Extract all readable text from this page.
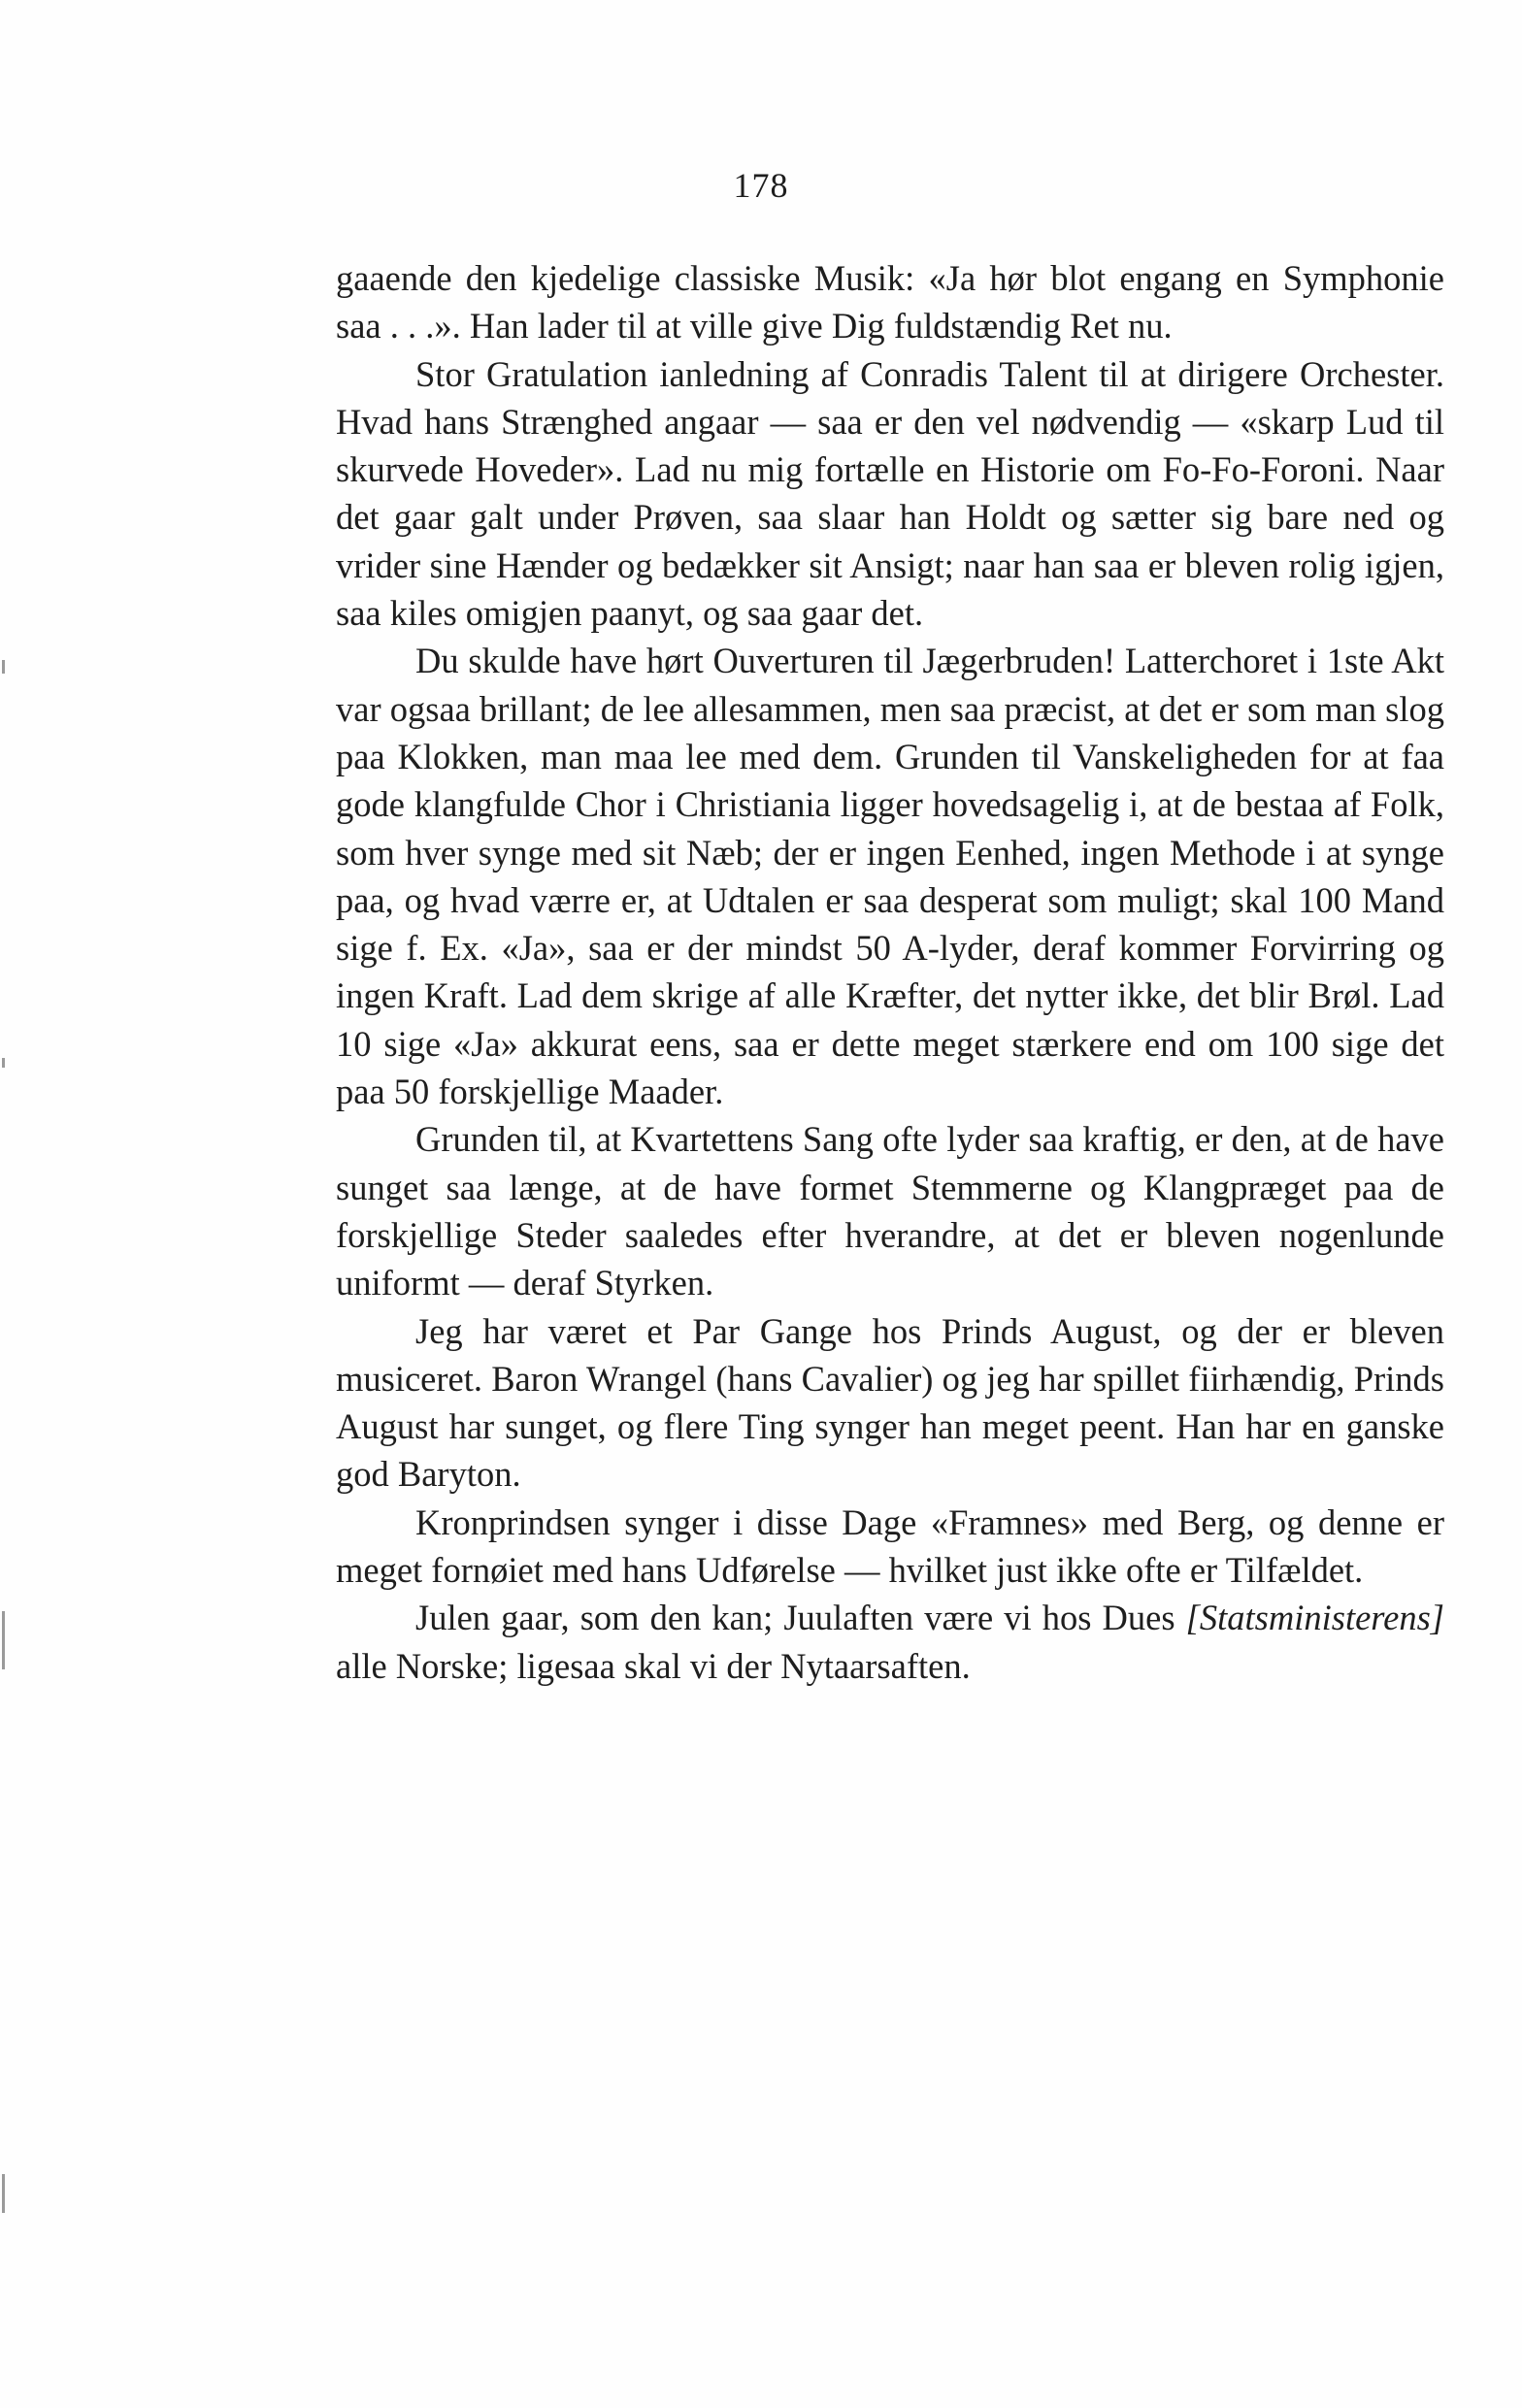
178

gaaende den kjedelige classiske Musik: «Ja hør blot engang en Symphonie saa . . .». Han lader til at ville give Dig fuldstændig Ret nu.

Stor Gratulation ianledning af Conradis Talent til at dirigere Orchester. Hvad hans Strænghed angaar — saa er den vel nødvendig — «skarp Lud til skurvede Hoveder». Lad nu mig fortælle en Historie om Fo-Fo-Foroni. Naar det gaar galt under Prøven, saa slaar han Holdt og sætter sig bare ned og vrider sine Hænder og bedækker sit Ansigt; naar han saa er bleven rolig igjen, saa kiles omigjen paanyt, og saa gaar det.

Du skulde have hørt Ouverturen til Jægerbruden! Latterchoret i 1ste Akt var ogsaa brillant; de lee allesammen, men saa præcist, at det er som man slog paa Klokken, man maa lee med dem. Grunden til Vanskeligheden for at faa gode klangfulde Chor i Christiania ligger hovedsagelig i, at de bestaa af Folk, som hver synge med sit Næb; der er ingen Eenhed, ingen Methode i at synge paa, og hvad værre er, at Udtalen er saa desperat som muligt; skal 100 Mand sige f. Ex. «Ja», saa er der mindst 50 A-lyder, deraf kommer Forvirring og ingen Kraft. Lad dem skrige af alle Kræfter, det nytter ikke, det blir Brøl. Lad 10 sige «Ja» akkurat eens, saa er dette meget stærkere end om 100 sige det paa 50 forskjellige Maader.

Grunden til, at Kvartettens Sang ofte lyder saa kraftig, er den, at de have sunget saa længe, at de have formet Stemmerne og Klangpræget paa de forskjellige Steder saaledes efter hverandre, at det er bleven nogenlunde uniformt — deraf Styrken.

Jeg har været et Par Gange hos Prinds August, og der er bleven musiceret. Baron Wrangel (hans Cavalier) og jeg har spillet fiirhændig, Prinds August har sunget, og flere Ting synger han meget peent. Han har en ganske god Baryton.

Kronprindsen synger i disse Dage «Framnes» med Berg, og denne er meget fornøiet med hans Udførelse — hvilket just ikke ofte er Tilfældet.

Julen gaar, som den kan; Juulaften være vi hos Dues [Statsministerens] alle Norske; ligesaa skal vi der Nytaarsaften.
